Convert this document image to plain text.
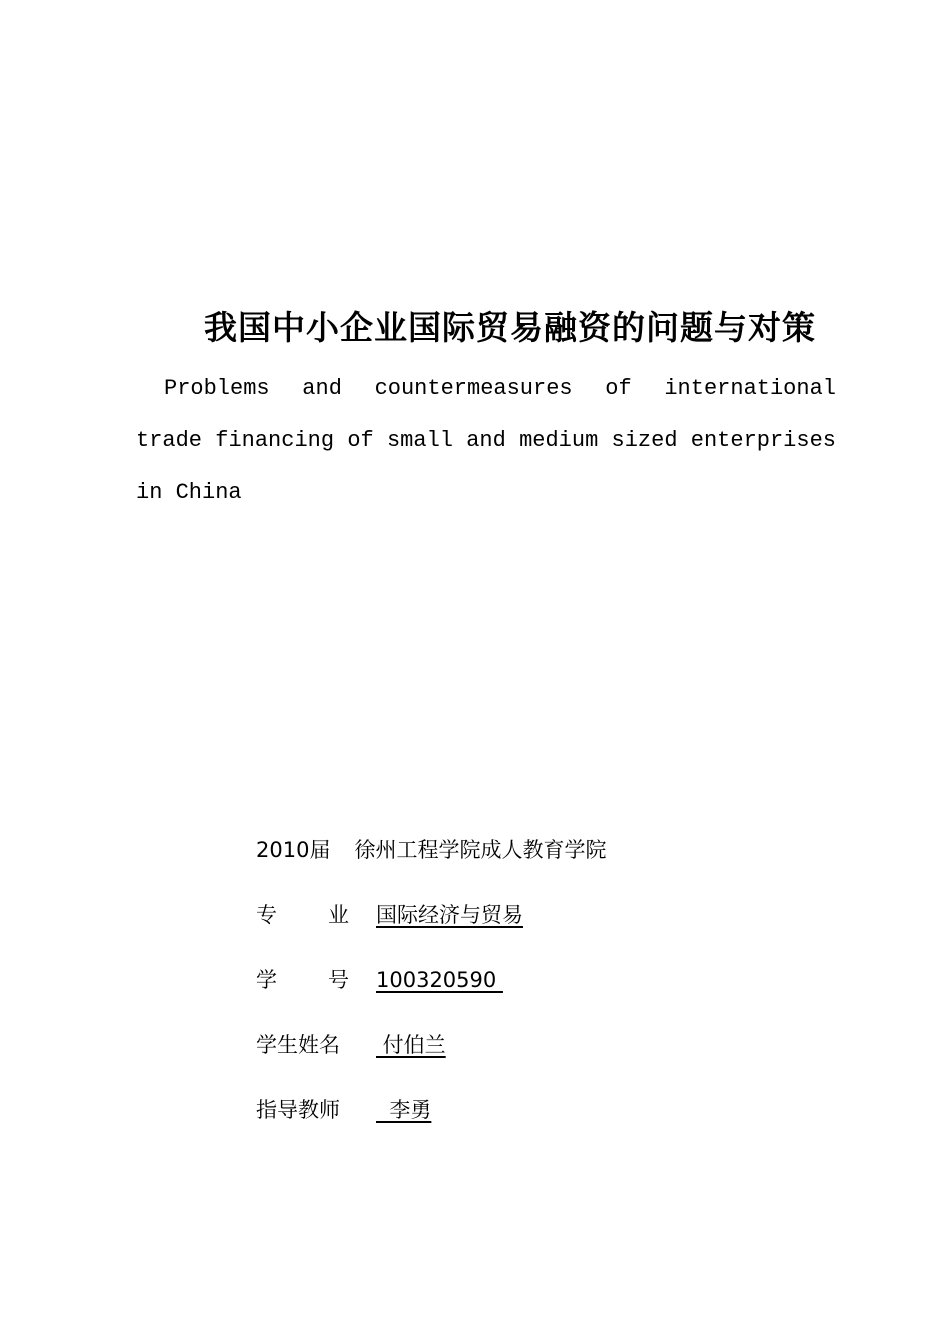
我国中小企业国际贸易融资的问题与对策
Problems and countermeasures of international trade financing of small and medium sized enterprises in China
2010届 徐州工程学院成人教育学院
专 业 国际经济与贸易
学 号 100320590
学生姓名 付伯兰
指导教师  李勇
